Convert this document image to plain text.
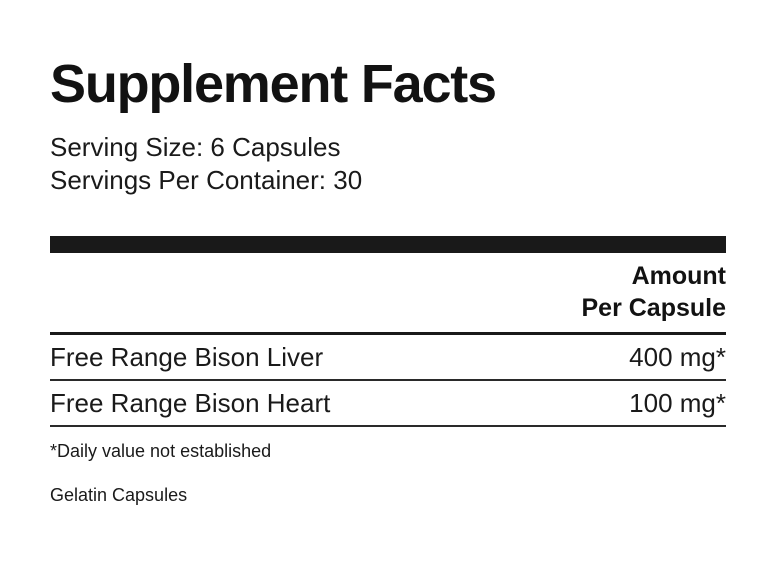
Supplement Facts
Serving Size: 6 Capsules
Servings Per Container: 30
Amount
Per Capsule
Free Range Bison Liver	400 mg*
Free Range Bison Heart	100 mg*
*Daily value not established
Gelatin Capsules
